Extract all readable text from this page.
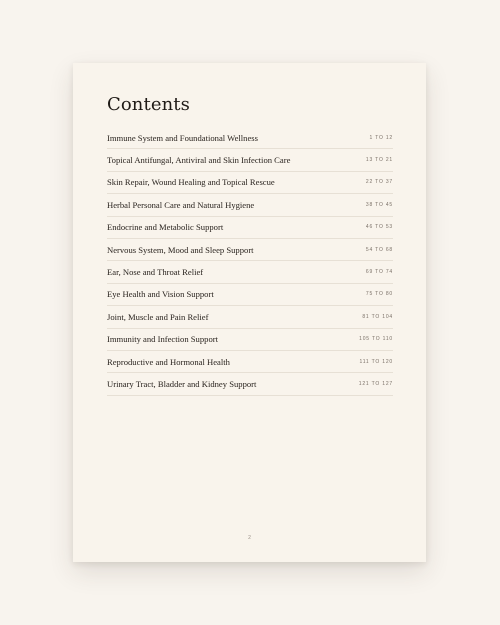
Contents
Immune System and Foundational Wellness	1 TO 12
Topical Antifungal, Antiviral and Skin Infection Care	13 TO 21
Skin Repair, Wound Healing and Topical Rescue	22 TO 37
Herbal Personal Care and Natural Hygiene	38 TO 45
Endocrine and Metabolic Support	46 TO 53
Nervous System, Mood and Sleep Support	54 TO 68
Ear, Nose and Throat Relief	69 TO 74
Eye Health and Vision Support	75 TO 80
Joint, Muscle and Pain Relief	81 TO 104
Immunity and Infection Support	105 TO 110
Reproductive and Hormonal Health	111 TO 120
Urinary Tract, Bladder and Kidney Support	121 TO 127
2
